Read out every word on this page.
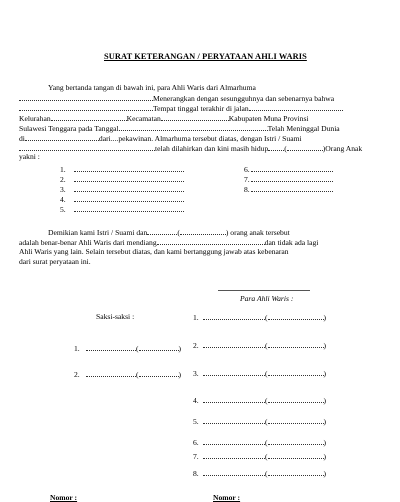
SURAT KETERANGAN / PERYATAAN AHLI WARIS
Yang bertanda tangan di bawah ini, para Ahli Waris dari Almarhuma
Menerangkan dengan sesungguhnya dan sebenarnya bahwa
Tempat tinggal terakhir di jalan
Kelurahan	Kecamatan	Kabupaten Muna Provinsi
Sulawesi Tenggara pada Tanggal	Telah Meninggal Dunia
di	dari....pekawinan. Almarhuma tersebut diatas, dengan Istri / Suami
telah dilahirkan dan kini masih hidup (	)Orang Anak
yakni :
1.
2.
3.
4.
5.
6.
7.
8.
Demikian kami Istri / Suami dan	(	) orang anak tersebut
adalah benar-benar Ahli Waris dari mendiang	dan tidak ada lagi
Ahli Waris yang lain. Selain tersebut diatas, dan kami bertanggung jawab atas kebenaran
dari surat peryataan ini.
Para Ahli Waris :
Saksi-saksi :
1.	(	)
2.	(	)
1.	(	)
2.	(	)
3.	(	)
4.	(	)
5.	(	)
6.	(	)
7.	(	)
8.	(	)
Nomor :	Nomor :
